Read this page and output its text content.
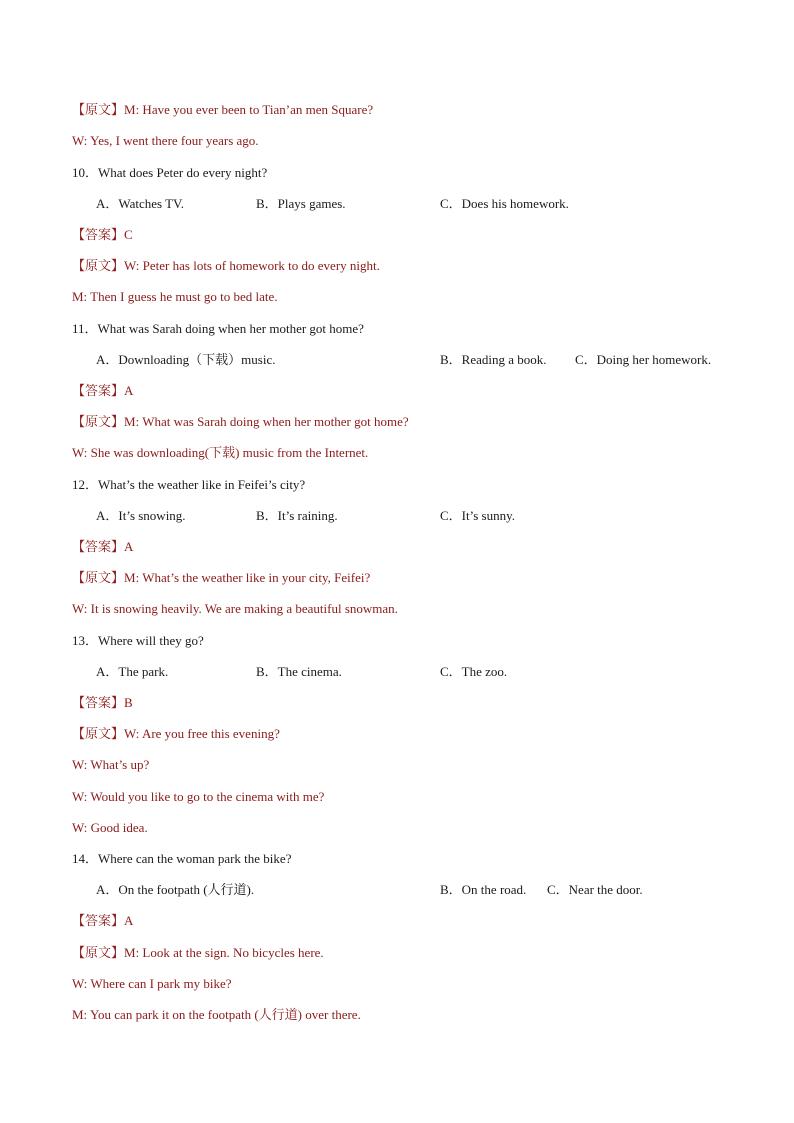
【原文】M: Have you ever been to Tian’an men Square?
W: Yes, I went there four years ago.
10．What does Peter do every night?
A．Watches TV.	B．Plays games.	C．Does his homework.
【答案】C
【原文】W: Peter has lots of homework to do every night.
M: Then I guess he must go to bed late.
11．What was Sarah doing when her mother got home?
A．Downloading（下载）music.	B．Reading a book. C．Doing her homework.
【答案】A
【原文】M: What was Sarah doing when her mother got home?
W: She was downloading(下载) music from the Internet.
12．What’s the weather like in Feifei’s city?
A．It’s snowing.	B．It’s raining.	C．It’s sunny.
【答案】A
【原文】M: What’s the weather like in your city, Feifei?
W: It is snowing heavily. We are making a beautiful snowman.
13．Where will they go?
A．The park.	B．The cinema.	C．The zoo.
【答案】B
【原文】W: Are you free this evening?
W: What’s up?
W: Would you like to go to the cinema with me?
W: Good idea.
14．Where can the woman park the bike?
A．On the footpath (人行道).	B．On the road. C．Near the door.
【答案】A
【原文】M: Look at the sign. No bicycles here.
W: Where can I park my bike?
M: You can park it on the footpath (人行道) over there.
